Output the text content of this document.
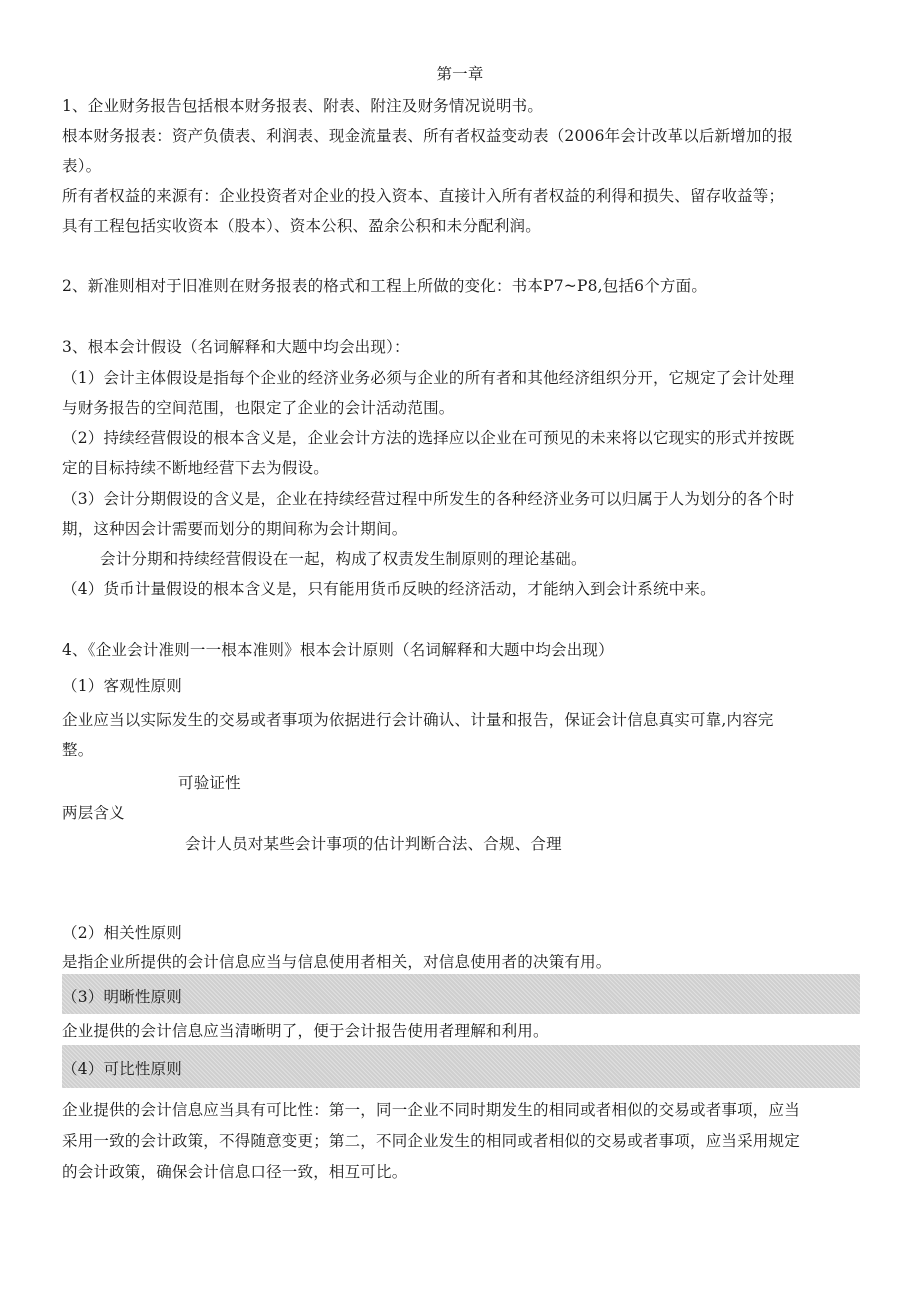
第一章
1、企业财务报告包括根本财务报表、附表、附注及财务情况说明书。
根本财务报表：资产负债表、利润表、现金流量表、所有者权益变动表（2006年会计改革以后新增加的报
表）。
所有者权益的来源有：企业投资者对企业的投入资本、直接计入所有者权益的利得和损失、留存收益等；
具有工程包括实收资本（股本）、资本公积、盈余公积和未分配利润。
2、新准则相对于旧准则在财务报表的格式和工程上所做的变化：书本P7~P8,包括6个方面。
3、根本会计假设（名词解释和大题中均会出现）：
（1）会计主体假设是指每个企业的经济业务必须与企业的所有者和其他经济组织分开，它规定了会计处理
与财务报告的空间范围，也限定了企业的会计活动范围。
（2）持续经营假设的根本含义是，企业会计方法的选择应以企业在可预见的未来将以它现实的形式并按既
定的目标持续不断地经营下去为假设。
（3）会计分期假设的含义是，企业在持续经营过程中所发生的各种经济业务可以归属于人为划分的各个时
期，这种因会计需要而划分的期间称为会计期间。
会计分期和持续经营假设在一起，构成了权责发生制原则的理论基础。
（4）货币计量假设的根本含义是，只有能用货币反映的经济活动，才能纳入到会计系统中来。
4、《企业会计准则一一根本准则》根本会计原则（名词解释和大题中均会出现）
（1）客观性原则
企业应当以实际发生的交易或者事项为依据进行会计确认、计量和报告，保证会计信息真实可靠,内容完
整。
可验证性
两层含义
会计人员对某些会计事项的估计判断合法、合规、合理
（2）相关性原则
是指企业所提供的会计信息应当与信息使用者相关，对信息使用者的决策有用。
（3）明晰性原则
企业提供的会计信息应当清晰明了，便于会计报告使用者理解和利用。
（4）可比性原则
企业提供的会计信息应当具有可比性：第一，同一企业不同时期发生的相同或者相似的交易或者事项，应当
采用一致的会计政策，不得随意变更；第二，不同企业发生的相同或者相似的交易或者事项，应当采用规定
的会计政策，确保会计信息口径一致，相互可比。
